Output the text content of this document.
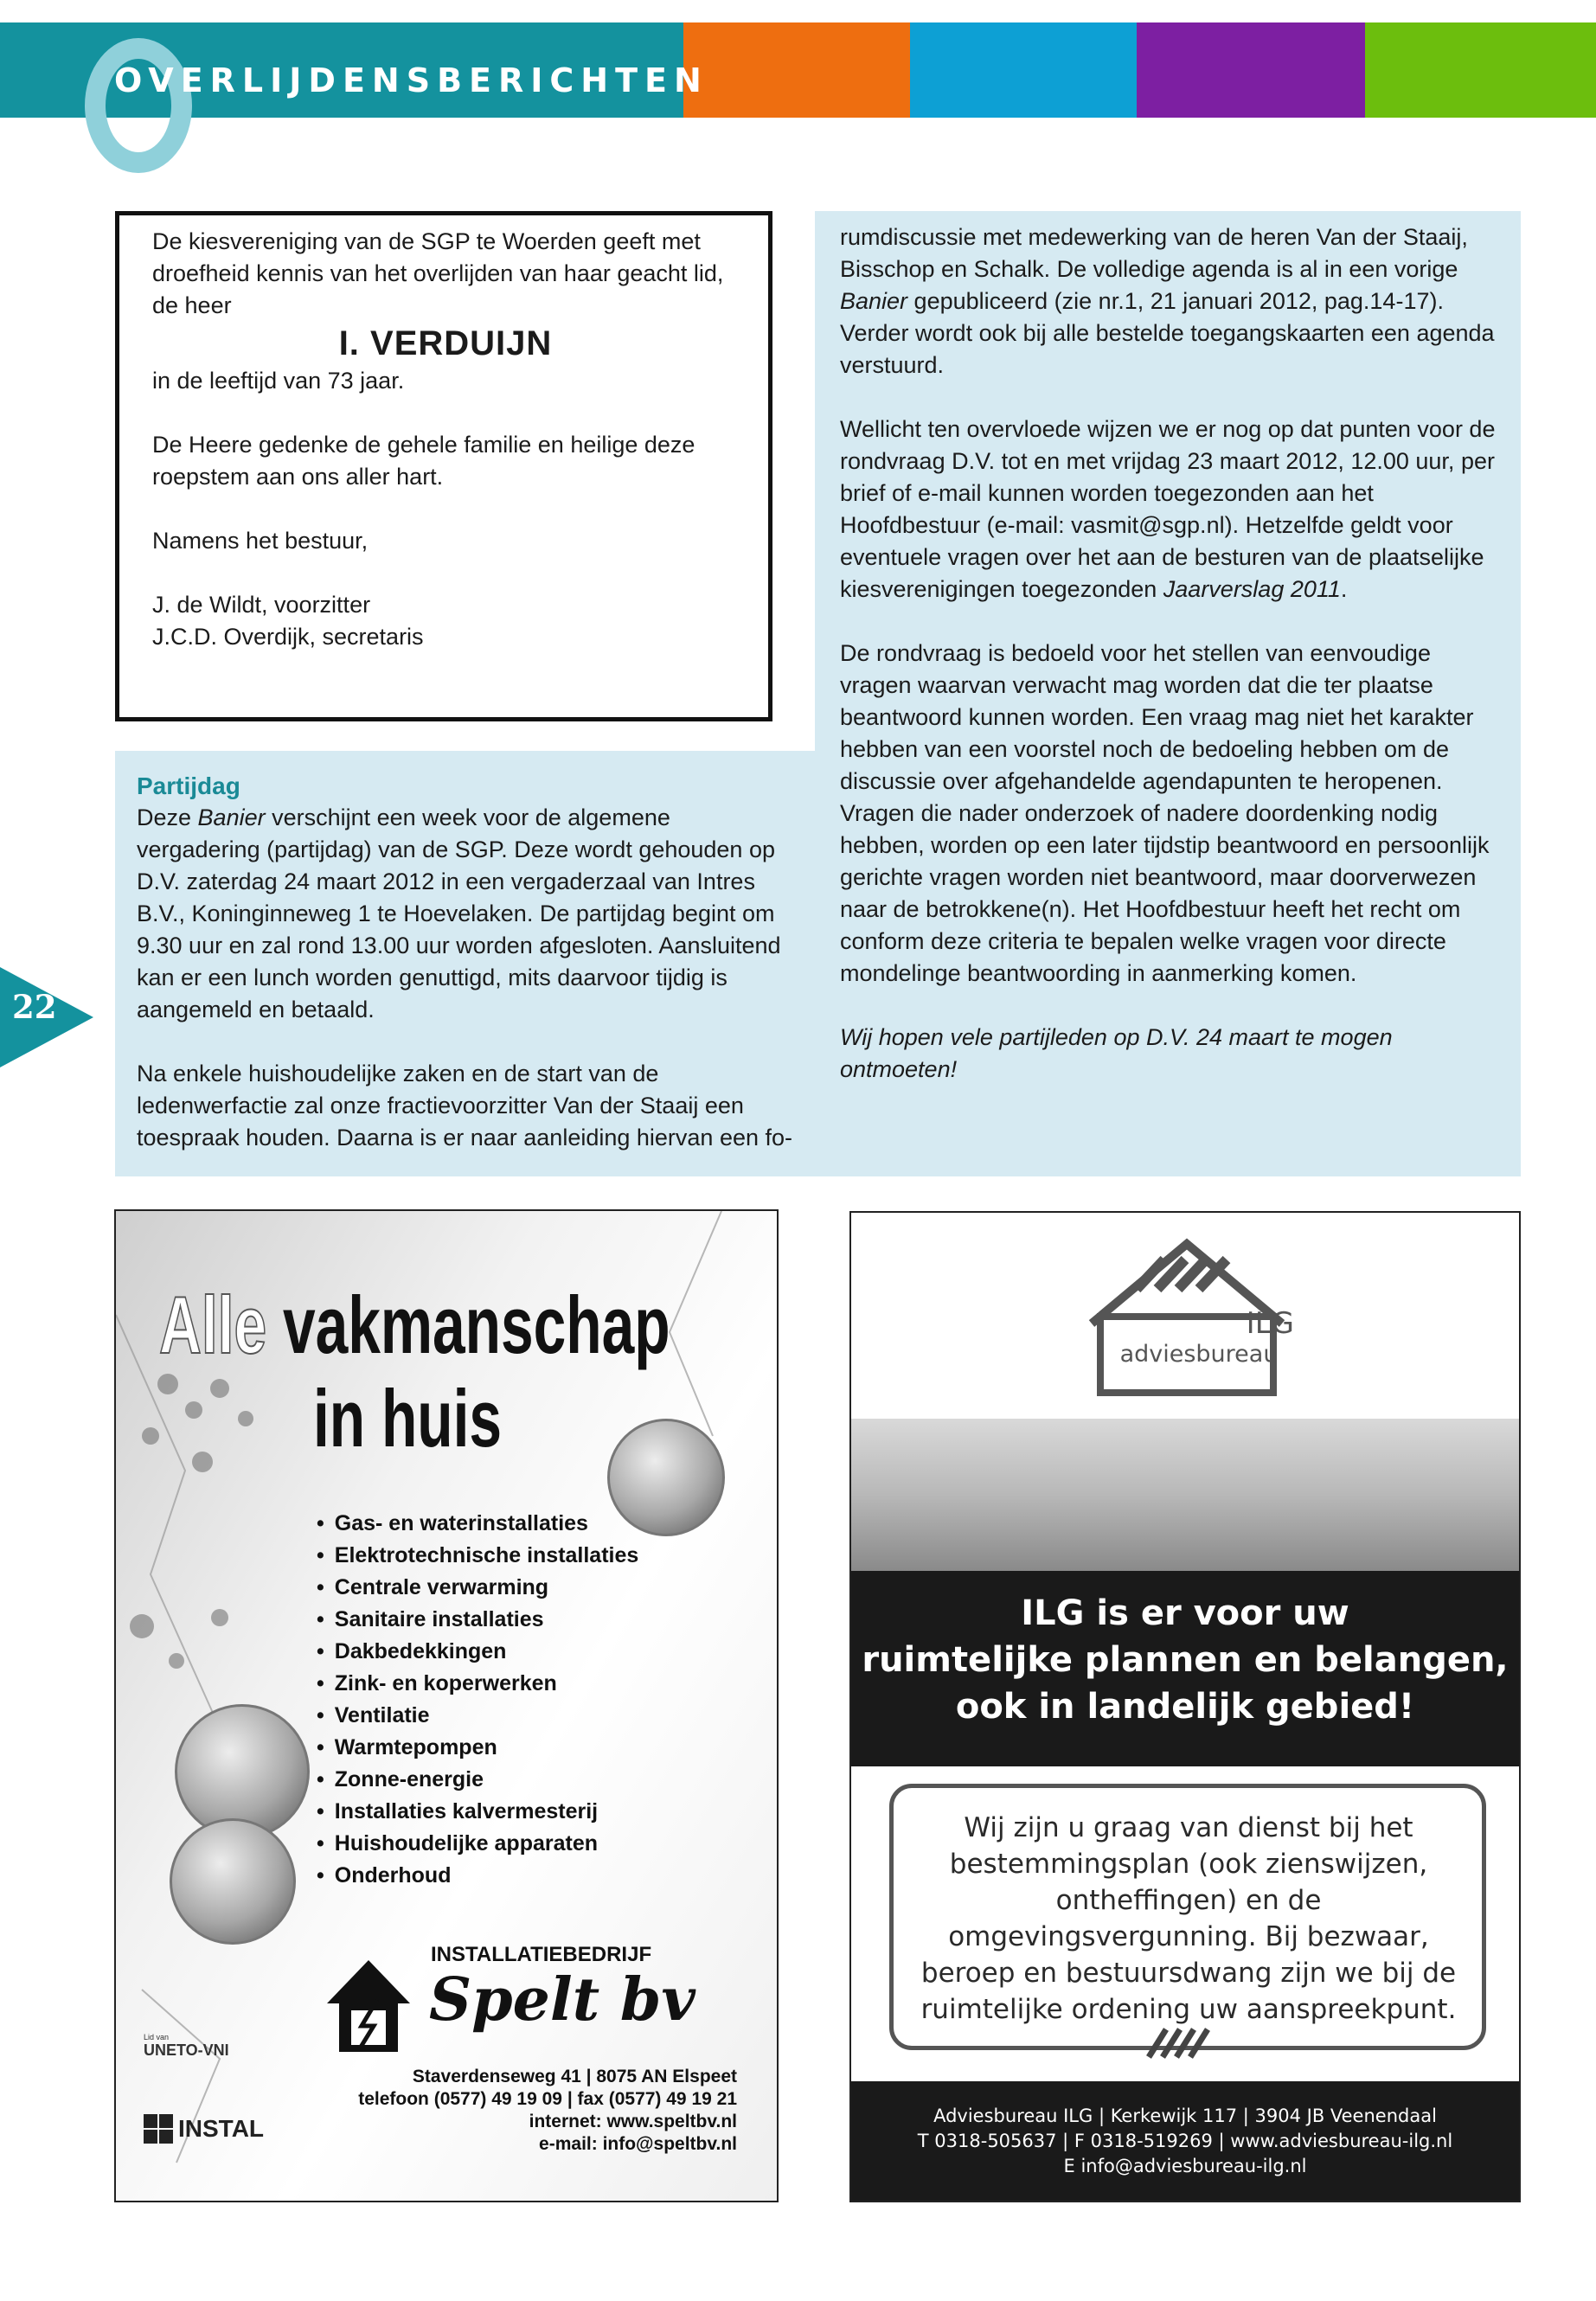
OVERLIJDENSBERICHTEN
22

De kiesvereniging van de SGP te Woerden geeft met droefheid kennis van het overlijden van haar geacht lid, de heer

I. VERDUIJN

in de leeftijd van 73 jaar.

De Heere gedenke de gehele familie en heilige deze roepstem aan ons aller hart.

Namens het bestuur,

J. de Wildt, voorzitter

J.C.D. Overdijk, secretaris

Partijdag

Deze Banier verschijnt een week voor de algemene vergadering (partijdag) van de SGP. Deze wordt gehouden op D.V. zaterdag 24 maart 2012 in een vergaderzaal van Intres B.V., Koninginneweg 1 te Hoevelaken. De partijdag begint om 9.30 uur en zal rond 13.00 uur worden afgesloten. Aansluitend kan er een lunch worden genuttigd, mits daarvoor tijdig is aangemeld en betaald.

Na enkele huishoudelijke zaken en de start van de ledenwerfactie zal onze fractievoorzitter Van der Staaij een toespraak houden. Daarna is er naar aanleiding hiervan een fo-

rumdiscussie met medewerking van de heren Van der Staaij, Bisschop en Schalk. De volledige agenda is al in een vorige Banier gepubliceerd (zie nr.1, 21 januari 2012, pag.14-17). Verder wordt ook bij alle bestelde toegangskaarten een agenda verstuurd.

Wellicht ten overvloede wijzen we er nog op dat punten voor de rondvraag D.V. tot en met vrijdag 23 maart 2012, 12.00 uur, per brief of e-mail kunnen worden toegezonden aan het Hoofdbestuur (e-mail: vasmit@sgp.nl). Hetzelfde geldt voor eventuele vragen over het aan de besturen van de plaatselijke kiesverenigingen toegezonden Jaarverslag 2011.

De rondvraag is bedoeld voor het stellen van eenvoudige vragen waarvan verwacht mag worden dat die ter plaatse beantwoord kunnen worden. Een vraag mag niet het karakter hebben van een voorstel noch de bedoeling hebben om de discussie over afgehandelde agendapunten te heropenen. Vragen die nader onderzoek of nadere doordenking nodig hebben, worden op een later tijdstip beantwoord en persoonlijk gerichte vragen worden niet beantwoord, maar doorverwezen naar de betrokkene(n). Het Hoofdbestuur heeft het recht om conform deze criteria te bepalen welke vragen voor directe mondelinge beantwoording in aanmerking komen.

Wij hopen vele partijleden op D.V. 24 maart te mogen ontmoeten!

Alle vakmanschap
in huis
• Gas- en waterinstallaties
• Elektrotechnische installaties
• Centrale verwarming
• Sanitaire installaties
• Dakbedekkingen
• Zink- en koperwerken
• Ventilatie
• Warmtepompen
• Zonne-energie
• Installaties kalvermesterij
• Huishoudelijke apparaten
• Onderhoud
INSTALLATIEBEDRIJF
Spelt bv
Lid van
UNETO-VNI
INSTAL
Staverdenseweg 41 | 8075 AN Elspeet
telefoon (0577) 49 19 09 | fax (0577) 49 19 21
internet: www.speltbv.nl
e-mail: info@speltbv.nl
ILG
adviesbureau
ILG is er voor uw
ruimtelijke plannen en belangen,
ook in landelijk gebied!
Wij zijn u graag van dienst bij het bestemmingsplan (ook zienswijzen, ontheffingen) en de omgevingsvergunning. Bij bezwaar, beroep en bestuursdwang zijn we bij de ruimtelijke ordening uw aanspreekpunt.
Adviesbureau ILG | Kerkewijk 117 | 3904 JB Veenendaal
T 0318-505637 | F 0318-519269 | www.adviesbureau-ilg.nl
E info@adviesbureau-ilg.nl
